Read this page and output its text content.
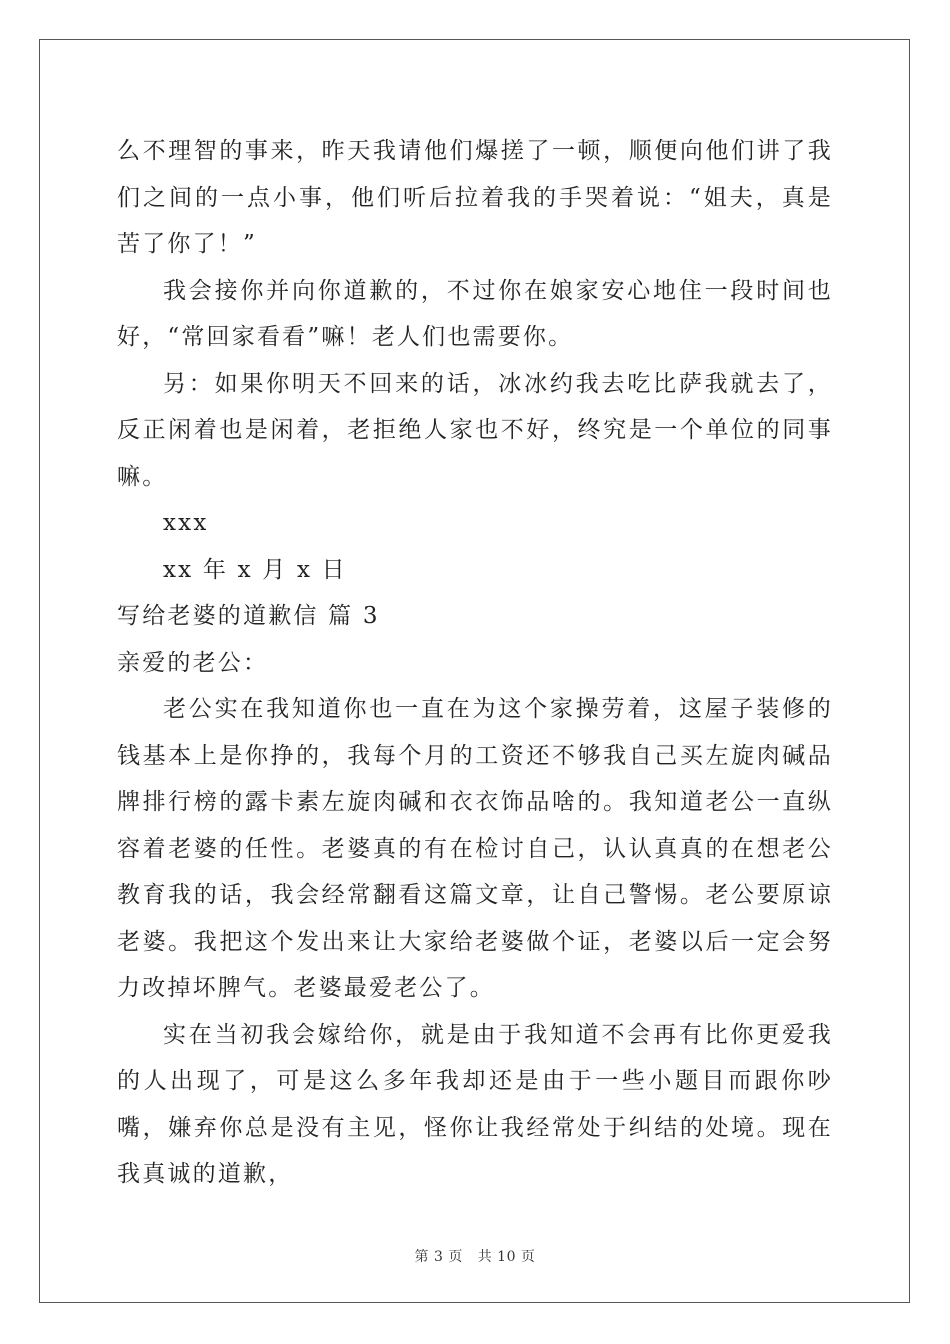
么不理智的事来，昨天我请他们爆搓了一顿，顺便向他们讲了我们之间的一点小事，他们听后拉着我的手哭着说：“姐夫，真是苦了你了！”

我会接你并向你道歉的，不过你在娘家安心地住一段时间也好，“常回家看看”嘛！老人们也需要你。

另：如果你明天不回来的话，冰冰约我去吃比萨我就去了，反正闲着也是闲着，老拒绝人家也不好，终究是一个单位的同事嘛。

xxx

xx 年 x 月 x 日

写给老婆的道歉信 篇 3

亲爱的老公：

老公实在我知道你也一直在为这个家操劳着，这屋子装修的钱基本上是你挣的，我每个月的工资还不够我自己买左旋肉碱品牌排行榜的露卡素左旋肉碱和衣衣饰品啥的。我知道老公一直纵容着老婆的任性。老婆真的有在检讨自己，认认真真的在想老公教育我的话，我会经常翻看这篇文章，让自己警惕。老公要原谅老婆。我把这个发出来让大家给老婆做个证，老婆以后一定会努力改掉坏脾气。老婆最爱老公了。

实在当初我会嫁给你，就是由于我知道不会再有比你更爱我的人出现了，可是这么多年我却还是由于一些小题目而跟你吵嘴，嫌弃你总是没有主见，怪你让我经常处于纠结的处境。现在我真诚的道歉，

第 3 页 共 10 页
